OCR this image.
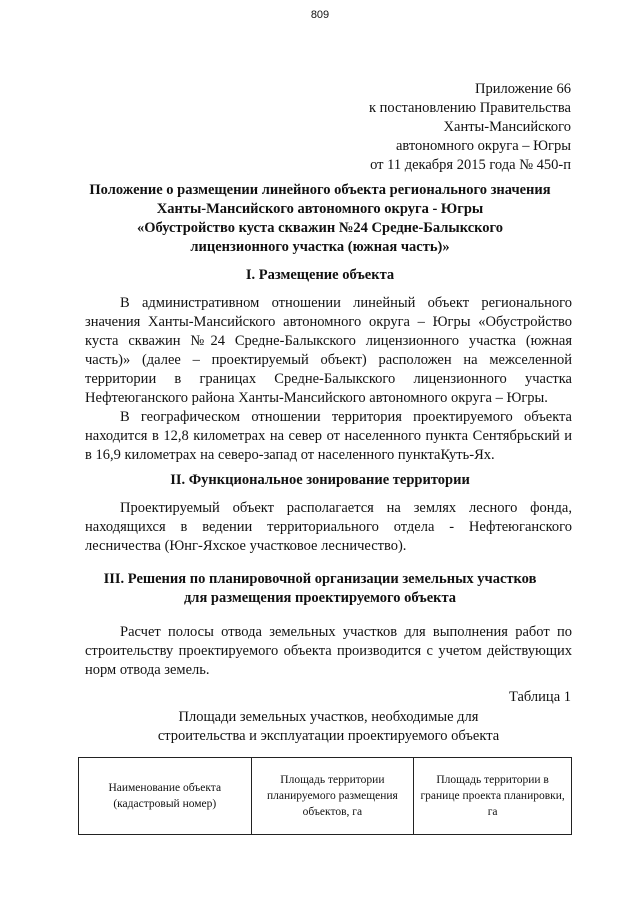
809
Приложение 66
к постановлению Правительства
Ханты-Мансийского
автономного округа – Югры
от 11 декабря 2015 года № 450-п
Положение о размещении линейного объекта регионального значения
Ханты-Мансийского автономного округа - Югры
«Обустройство куста скважин №24 Средне-Балыкского
лицензионного участка (южная часть)»
I. Размещение объекта

В административном отношении линейный объект регионального значения Ханты-Мансийского автономного округа – Югры «Обустройство куста скважин №24 Средне-Балыкского лицензионного участка (южная часть)» (далее – проектируемый объект) расположен на межселенной территории в границах Средне-Балыкского лицензионного участка Нефтеюганского района Ханты-Мансийского автономного округа – Югры.

В географическом отношении территория проектируемого объекта находится в 12,8 километрах на север от населенного пункта Сентябрьский и в 16,9 километрах на северо-запад от населенного пунктаКуть-Ях.

II. Функциональное зонирование территории

Проектируемый объект располагается на землях лесного фонда, находящихся в ведении территориального отдела - Нефтеюганского лесничества (Юнг-Яхское участковое лесничество).

III. Решения по планировочной организации земельных участков
для размещения проектируемого объекта

Расчет полосы отвода земельных участков для выполнения работ по строительству проектируемого объекта производится с учетом действующих норм отвода земель.

Таблица 1
Площади земельных участков, необходимые для
строительства и эксплуатации проектируемого объекта
Наименование объекта (кадастровый номер)	Площадь территории планируемого размещения объектов, га	Площадь территории в границе проекта планировки, га
